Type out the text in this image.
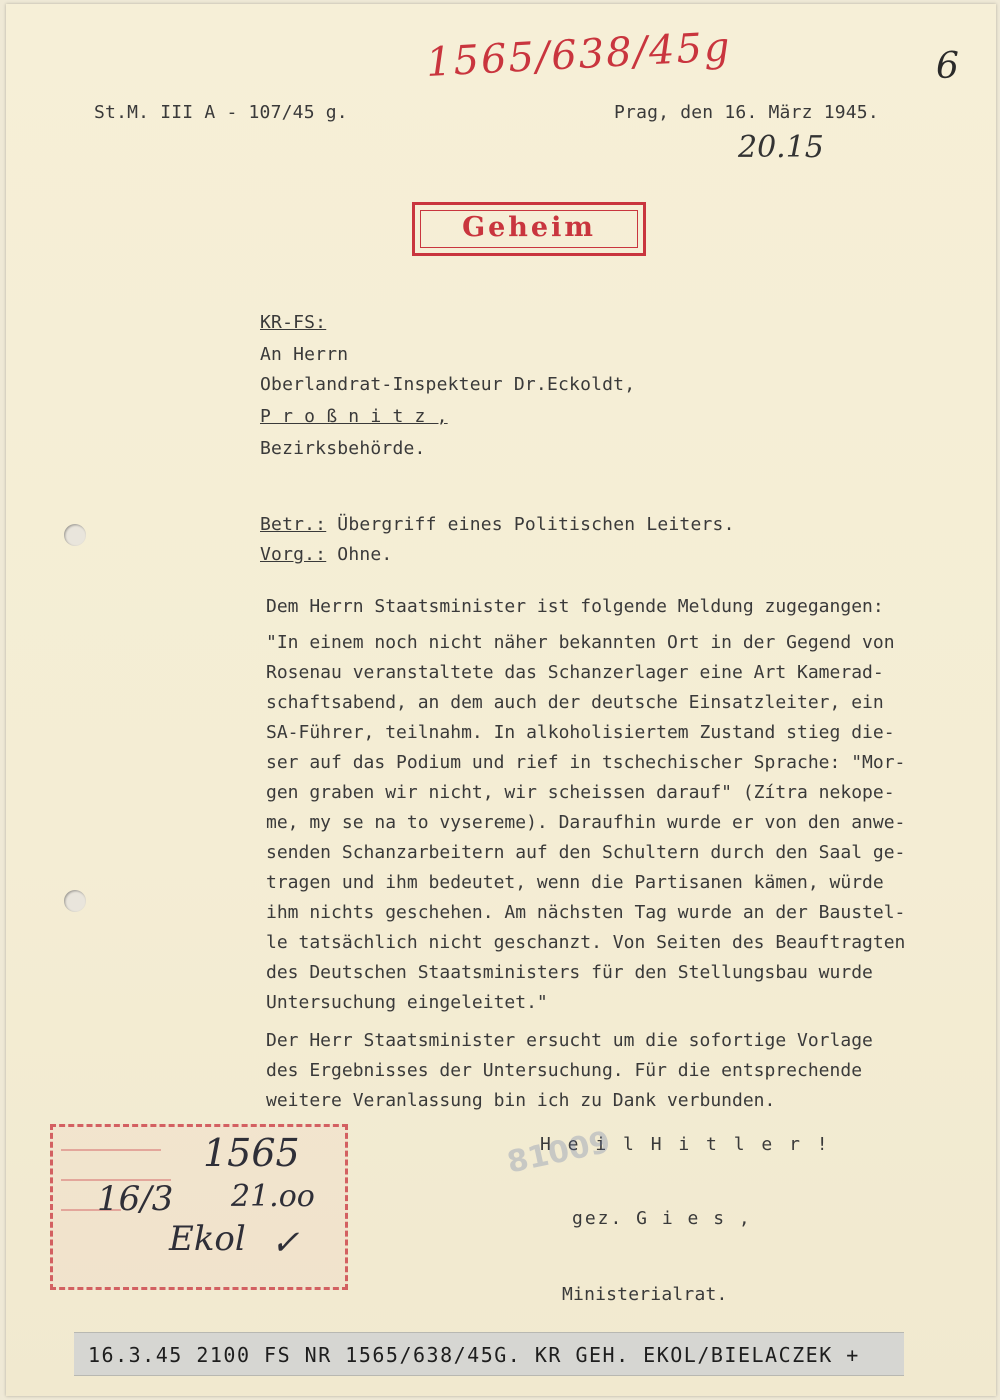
1565/638/45g	6
St.M. III A - 107/45 g.	Prag, den 16. März 1945.
20.15
Geheim
KR-FS:
An Herrn
Oberlandrat-Inspekteur Dr.Eckoldt,
P r o ß n i t z ,
Bezirksbehörde.
Betr.: Übergriff eines Politischen Leiters.
Vorg.: Ohne.
Dem Herrn Staatsminister ist folgende Meldung zugegangen:
"In einem noch nicht näher bekannten Ort in der Gegend von
Rosenau veranstaltete das Schanzerlager eine Art Kamerad-
schaftsabend, an dem auch der deutsche Einsatzleiter, ein
SA-Führer, teilnahm. In alkoholisiertem Zustand stieg die-
ser auf das Podium und rief in tschechischer Sprache: "Mor-
gen graben wir nicht, wir scheissen darauf" (Zítra nekope-
me, my se na to vysereme). Daraufhin wurde er von den anwe-
senden Schanzarbeitern auf den Schultern durch den Saal ge-
tragen und ihm bedeutet, wenn die Partisanen kämen, würde
ihm nichts geschehen. Am nächsten Tag wurde an der Baustel-
le tatsächlich nicht geschanzt. Von Seiten des Beauftragten
des Deutschen Staatsministers für den Stellungsbau wurde
Untersuchung eingeleitet."
Der Herr Staatsminister ersucht um die sofortige Vorlage
des Ergebnisses der Untersuchung. Für die entsprechende
weitere Veranlassung bin ich zu Dank verbunden.
H e i l H i t l e r !
gez. G i e s ,
Ministerialrat.
81009
1565
16/3 21.oo
Ekol ✓
16.3.45 2100 FS NR 1565/638/45G. KR GEH. EKOL/BIELACZEK +
